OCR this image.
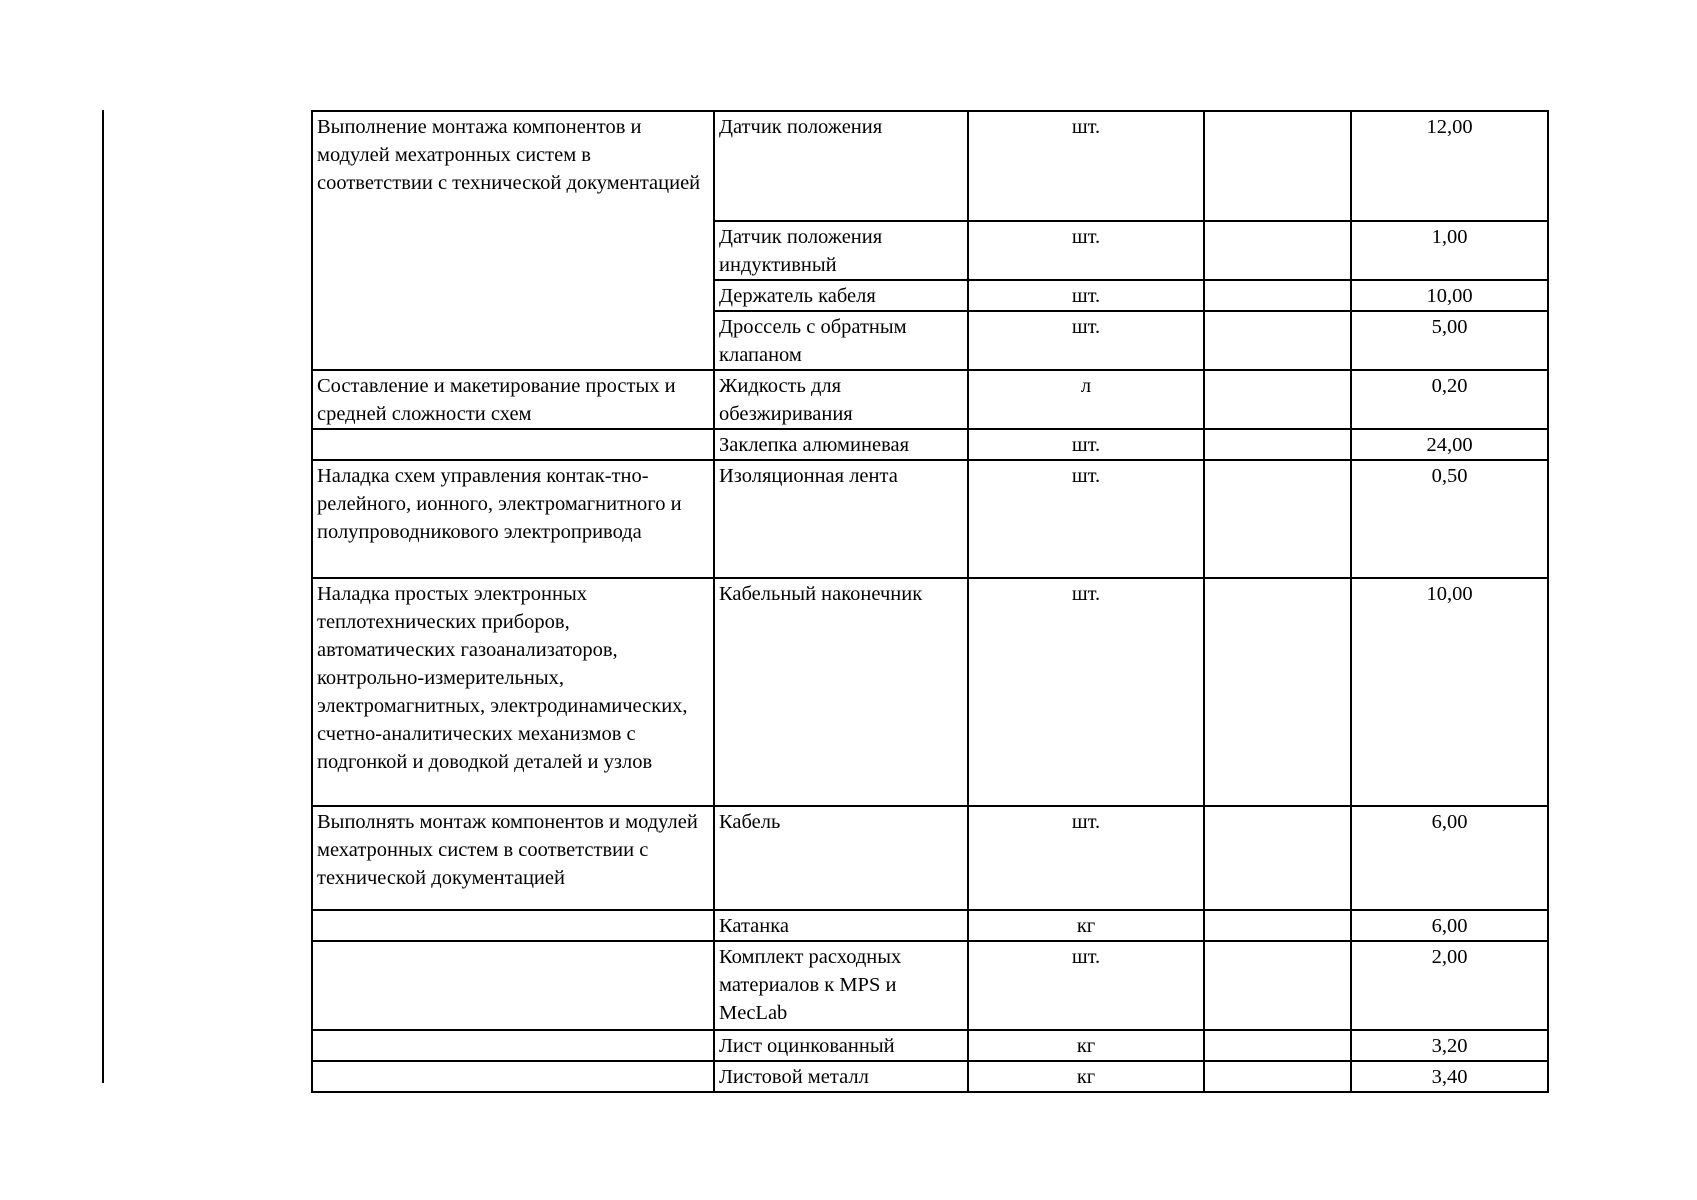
Выполнение монтажа компонентов и модулей мехатронных систем в соответствии с технической документацией	Датчик положения	шт.		12,00
	Датчик положения индуктивный	шт.		1,00
	Держатель кабеля	шт.		10,00
	Дроссель с обратным клапаном	шт.		5,00
Составление и макетирование простых и средней сложности схем	Жидкость для обезжиривания	л		0,20
	Заклепка алюминевая	шт.		24,00
Наладка схем управления контак-тно-релейного, ионного, электромагнитного и полупроводникового электропривода	Изоляционная лента	шт.		0,50
Наладка простых электронных теплотехнических приборов, автоматических газоанализаторов, контрольно-измерительных, электромагнитных, электродинамических, счетно-аналитических механизмов с подгонкой и доводкой деталей и узлов	Кабельный наконечник	шт.		10,00

Выполнять монтаж компонентов и модулей мехатронных систем в соответствии с технической документацией	Кабель	шт.		6,00
	Катанка	кг		6,00
	Комплект расходных материалов к MPS и MecLab	шт.		2,00
	Лист оцинкованный	кг		3,20
	Листовой металл	кг		3,40
